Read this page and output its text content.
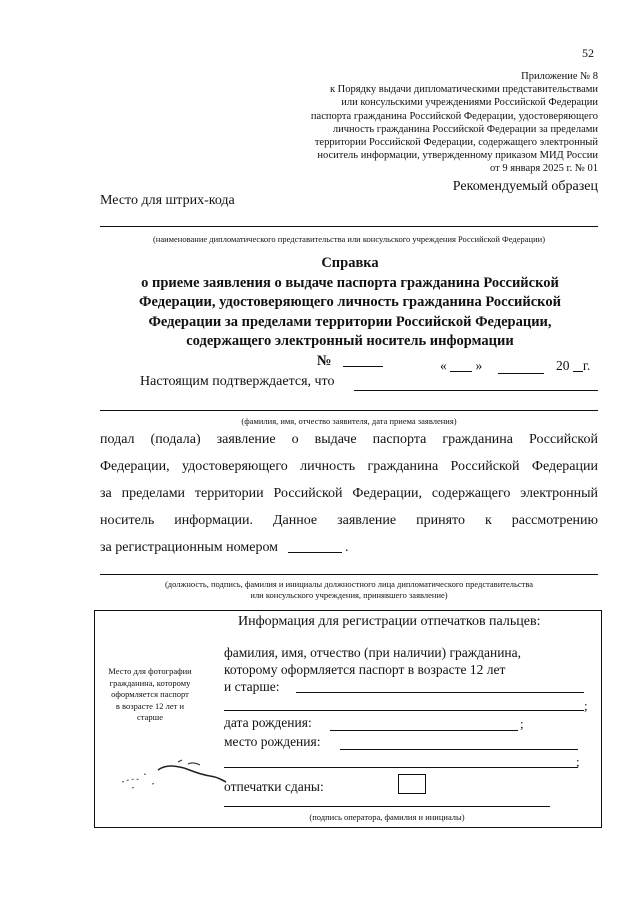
52
Приложение № 8
к Порядку выдачи дипломатическими представительствами
или консульскими учреждениями Российской Федерации
паспорта гражданина Российской Федерации, удостоверяющего
личность гражданина Российской Федерации за пределами
территории Российской Федерации, содержащего электронный
носитель информации, утвержденному приказом МИД России
от 9 января 2025 г. № 01
Рекомендуемый образец
Место для штрих-кода
(наименование дипломатического представительства или консульского учреждения Российской Федерации)
Справка
о приеме заявления о выдаче паспорта гражданина Российской
Федерации, удостоверяющего личность гражданина Российской
Федерации за пределами территории Российской Федерации,
содержащего электронный носитель информации
№	« »	20 г.
Настоящим подтверждается, что
(фамилия, имя, отчество заявителя, дата приема заявления)
подал (подала) заявление о выдаче паспорта гражданина Российской
Федерации, удостоверяющего личность гражданина Российской Федерации
за пределами территории Российской Федерации, содержащего электронный
носитель информации. Данное заявление принято к рассмотрению
за регистрационным номером	.
(должность, подпись, фамилия и инициалы должностного лица дипломатического представительства
или консульского учреждения, принявшего заявление)
Информация для регистрации отпечатков пальцев:
Место для фотографии
гражданина, которому
оформляется паспорт
в возрасте 12 лет и
старше
фамилия, имя, отчество (при наличии) гражданина,
которому оформляется паспорт в возрасте 12 лет
и старше:
;
дата рождения:	;
место рождения:
;
отпечатки сданы:
(подпись оператора, фамилия и инициалы)
